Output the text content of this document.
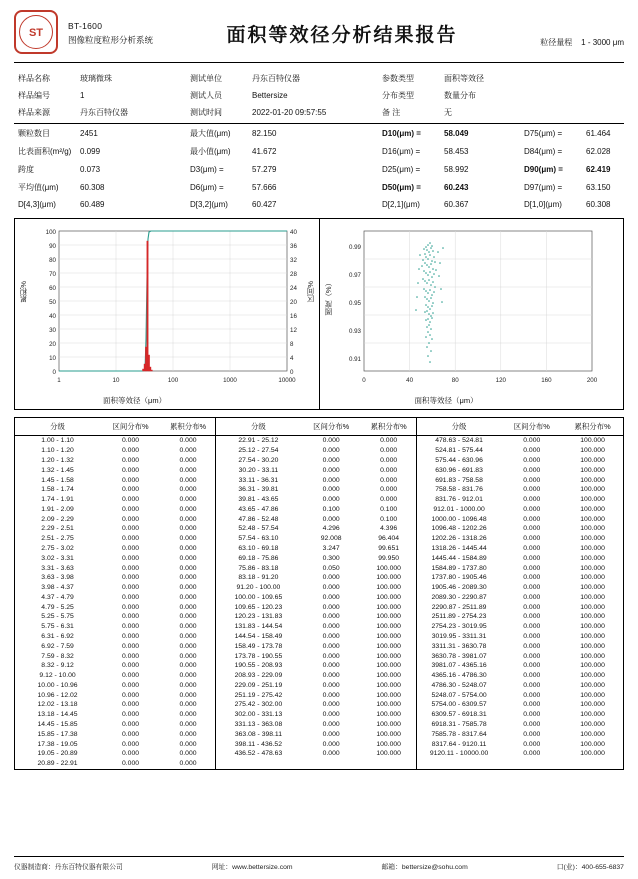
ST
BT-1600
图像粒度粒形分析系统	面积等效径分析结果报告	粒径量程 1 - 3000 μm
样品名称	玻璃微珠	测试单位	丹东百特仪器	参数类型	面积等效径
样品编号	1	测试人员	Bettersize	分布类型	数量分布
样品来源	丹东百特仪器	测试时间	2022-01-20 09:57:55	备 注	无
颗粒数目	2451	最大值(μm)	82.150	D10(μm) =	58.049	D75(μm) =	61.464
比表面积(m²/g)	0.099	最小值(μm)	41.672	D16(μm) =	58.453	D84(μm) =	62.028
跨度	0.073	D3(μm) =	57.279	D25(μm) =	58.992	D90(μm) =	62.419
平均值(μm)	60.308	D6(μm) =	57.666	D50(μm) =	60.243	D97(μm) =	63.150
D[4,3](μm)	60.489	D[3,2](μm)	60.427	D[2,1](μm)	60.367	D[1,0](μm)	60.308
累积%	区间%
面积等效径（μm）
100
90
80
70
60
50
40
30
20
10
0
40
36
32
28
24
20
16
12
8
4
0
1	10	100	1000	10000
圆度（%）
面积等效径（μm）
0.99
0.97
0.95
0.93
0.91
0	40	80	120	160	200
分级	区间分布%	累积分布%	分级	区间分布%	累积分布%	分级	区间分布%	累积分布%
1.00 - 1.10	0.000	0.000	22.91 - 25.12	0.000	0.000	478.63 - 524.81	0.000	100.000
1.10 - 1.20	0.000	0.000	25.12 - 27.54	0.000	0.000	524.81 - 575.44	0.000	100.000
1.20 - 1.32	0.000	0.000	27.54 - 30.20	0.000	0.000	575.44 - 630.96	0.000	100.000
1.32 - 1.45	0.000	0.000	30.20 - 33.11	0.000	0.000	630.96 - 691.83	0.000	100.000
1.45 - 1.58	0.000	0.000	33.11 - 36.31	0.000	0.000	691.83 - 758.58	0.000	100.000
1.58 - 1.74	0.000	0.000	36.31 - 39.81	0.000	0.000	758.58 - 831.76	0.000	100.000
1.74 - 1.91	0.000	0.000	39.81 - 43.65	0.000	0.000	831.76 - 912.01	0.000	100.000
1.91 - 2.09	0.000	0.000	43.65 - 47.86	0.100	0.100	912.01 - 1000.00	0.000	100.000
2.09 - 2.29	0.000	0.000	47.86 - 52.48	0.000	0.100	1000.00 - 1096.48	0.000	100.000
2.29 - 2.51	0.000	0.000	52.48 - 57.54	4.296	4.396	1096.48 - 1202.26	0.000	100.000
2.51 - 2.75	0.000	0.000	57.54 - 63.10	92.008	96.404	1202.26 - 1318.26	0.000	100.000
2.75 - 3.02	0.000	0.000	63.10 - 69.18	3.247	99.651	1318.26 - 1445.44	0.000	100.000
3.02 - 3.31	0.000	0.000	69.18 - 75.86	0.300	99.950	1445.44 - 1584.89	0.000	100.000
3.31 - 3.63	0.000	0.000	75.86 - 83.18	0.050	100.000	1584.89 - 1737.80	0.000	100.000
3.63 - 3.98	0.000	0.000	83.18 - 91.20	0.000	100.000	1737.80 - 1905.46	0.000	100.000
3.98 - 4.37	0.000	0.000	91.20 - 100.00	0.000	100.000	1905.46 - 2089.30	0.000	100.000
4.37 - 4.79	0.000	0.000	100.00 - 109.65	0.000	100.000	2089.30 - 2290.87	0.000	100.000
4.79 - 5.25	0.000	0.000	109.65 - 120.23	0.000	100.000	2290.87 - 2511.89	0.000	100.000
5.25 - 5.75	0.000	0.000	120.23 - 131.83	0.000	100.000	2511.89 - 2754.23	0.000	100.000
5.75 - 6.31	0.000	0.000	131.83 - 144.54	0.000	100.000	2754.23 - 3019.95	0.000	100.000
6.31 - 6.92	0.000	0.000	144.54 - 158.49	0.000	100.000	3019.95 - 3311.31	0.000	100.000
6.92 - 7.59	0.000	0.000	158.49 - 173.78	0.000	100.000	3311.31 - 3630.78	0.000	100.000
7.59 - 8.32	0.000	0.000	173.78 - 190.55	0.000	100.000	3630.78 - 3981.07	0.000	100.000
8.32 - 9.12	0.000	0.000	190.55 - 208.93	0.000	100.000	3981.07 - 4365.16	0.000	100.000
9.12 - 10.00	0.000	0.000	208.93 - 229.09	0.000	100.000	4365.16 - 4786.30	0.000	100.000
10.00 - 10.96	0.000	0.000	229.09 - 251.19	0.000	100.000	4786.30 - 5248.07	0.000	100.000
10.96 - 12.02	0.000	0.000	251.19 - 275.42	0.000	100.000	5248.07 - 5754.00	0.000	100.000
12.02 - 13.18	0.000	0.000	275.42 - 302.00	0.000	100.000	5754.00 - 6309.57	0.000	100.000
13.18 - 14.45	0.000	0.000	302.00 - 331.13	0.000	100.000	6309.57 - 6918.31	0.000	100.000
14.45 - 15.85	0.000	0.000	331.13 - 363.08	0.000	100.000	6918.31 - 7585.78	0.000	100.000
15.85 - 17.38	0.000	0.000	363.08 - 398.11	0.000	100.000	7585.78 - 8317.64	0.000	100.000
17.38 - 19.05	0.000	0.000	398.11 - 436.52	0.000	100.000	8317.64 - 9120.11	0.000	100.000
19.05 - 20.89	0.000	0.000	436.52 - 478.63	0.000	100.000	9120.11 - 10000.00	0.000	100.000
20.89 - 22.91	0.000	0.000						
仪器制造商：丹东百特仪器有限公司	网址：www.bettersize.com	邮箱：bettersize@sohu.com	口(业)：400-655-6837
